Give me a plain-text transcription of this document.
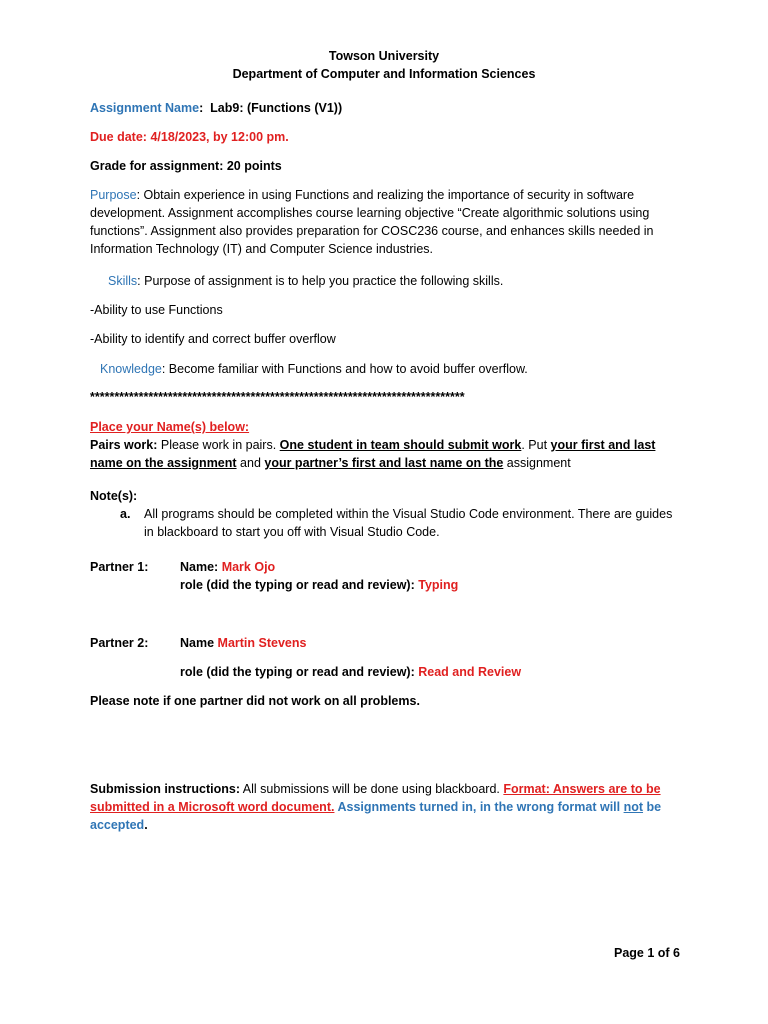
Towson University
Department of Computer and Information Sciences
Assignment Name:  Lab9: (Functions (V1))
Due date: 4/18/2023, by 12:00 pm.
Grade for assignment: 20 points
Purpose: Obtain experience in using Functions and realizing the importance of security in software development. Assignment accomplishes course learning objective “Create algorithmic solutions using functions”. Assignment also provides preparation for COSC236 course, and enhances skills needed in Information Technology (IT) and Computer Science industries.
Skills: Purpose of assignment is to help you practice the following skills.
-Ability to use Functions
-Ability to identify and correct buffer overflow
Knowledge: Become familiar with Functions and how to avoid buffer overflow.
*****************************************************************************
Place your Name(s) below:
Pairs work: Please work in pairs. One student in team should submit work. Put your first and last name on the assignment and your partner’s first and last name on the assignment
Note(s):
a. All programs should be completed within the Visual Studio Code environment. There are guides in blackboard to start you off with Visual Studio Code.
Partner 1:	Name: Mark Ojo
role (did the typing or read and review): Typing
Partner 2:	Name Martin Stevens
role (did the typing or read and review): Read and Review
Please note if one partner did not work on all problems.
Submission instructions: All submissions will be done using blackboard. Format: Answers are to be submitted in a Microsoft word document. Assignments turned in, in the wrong format will not be accepted.
Page 1 of 6
